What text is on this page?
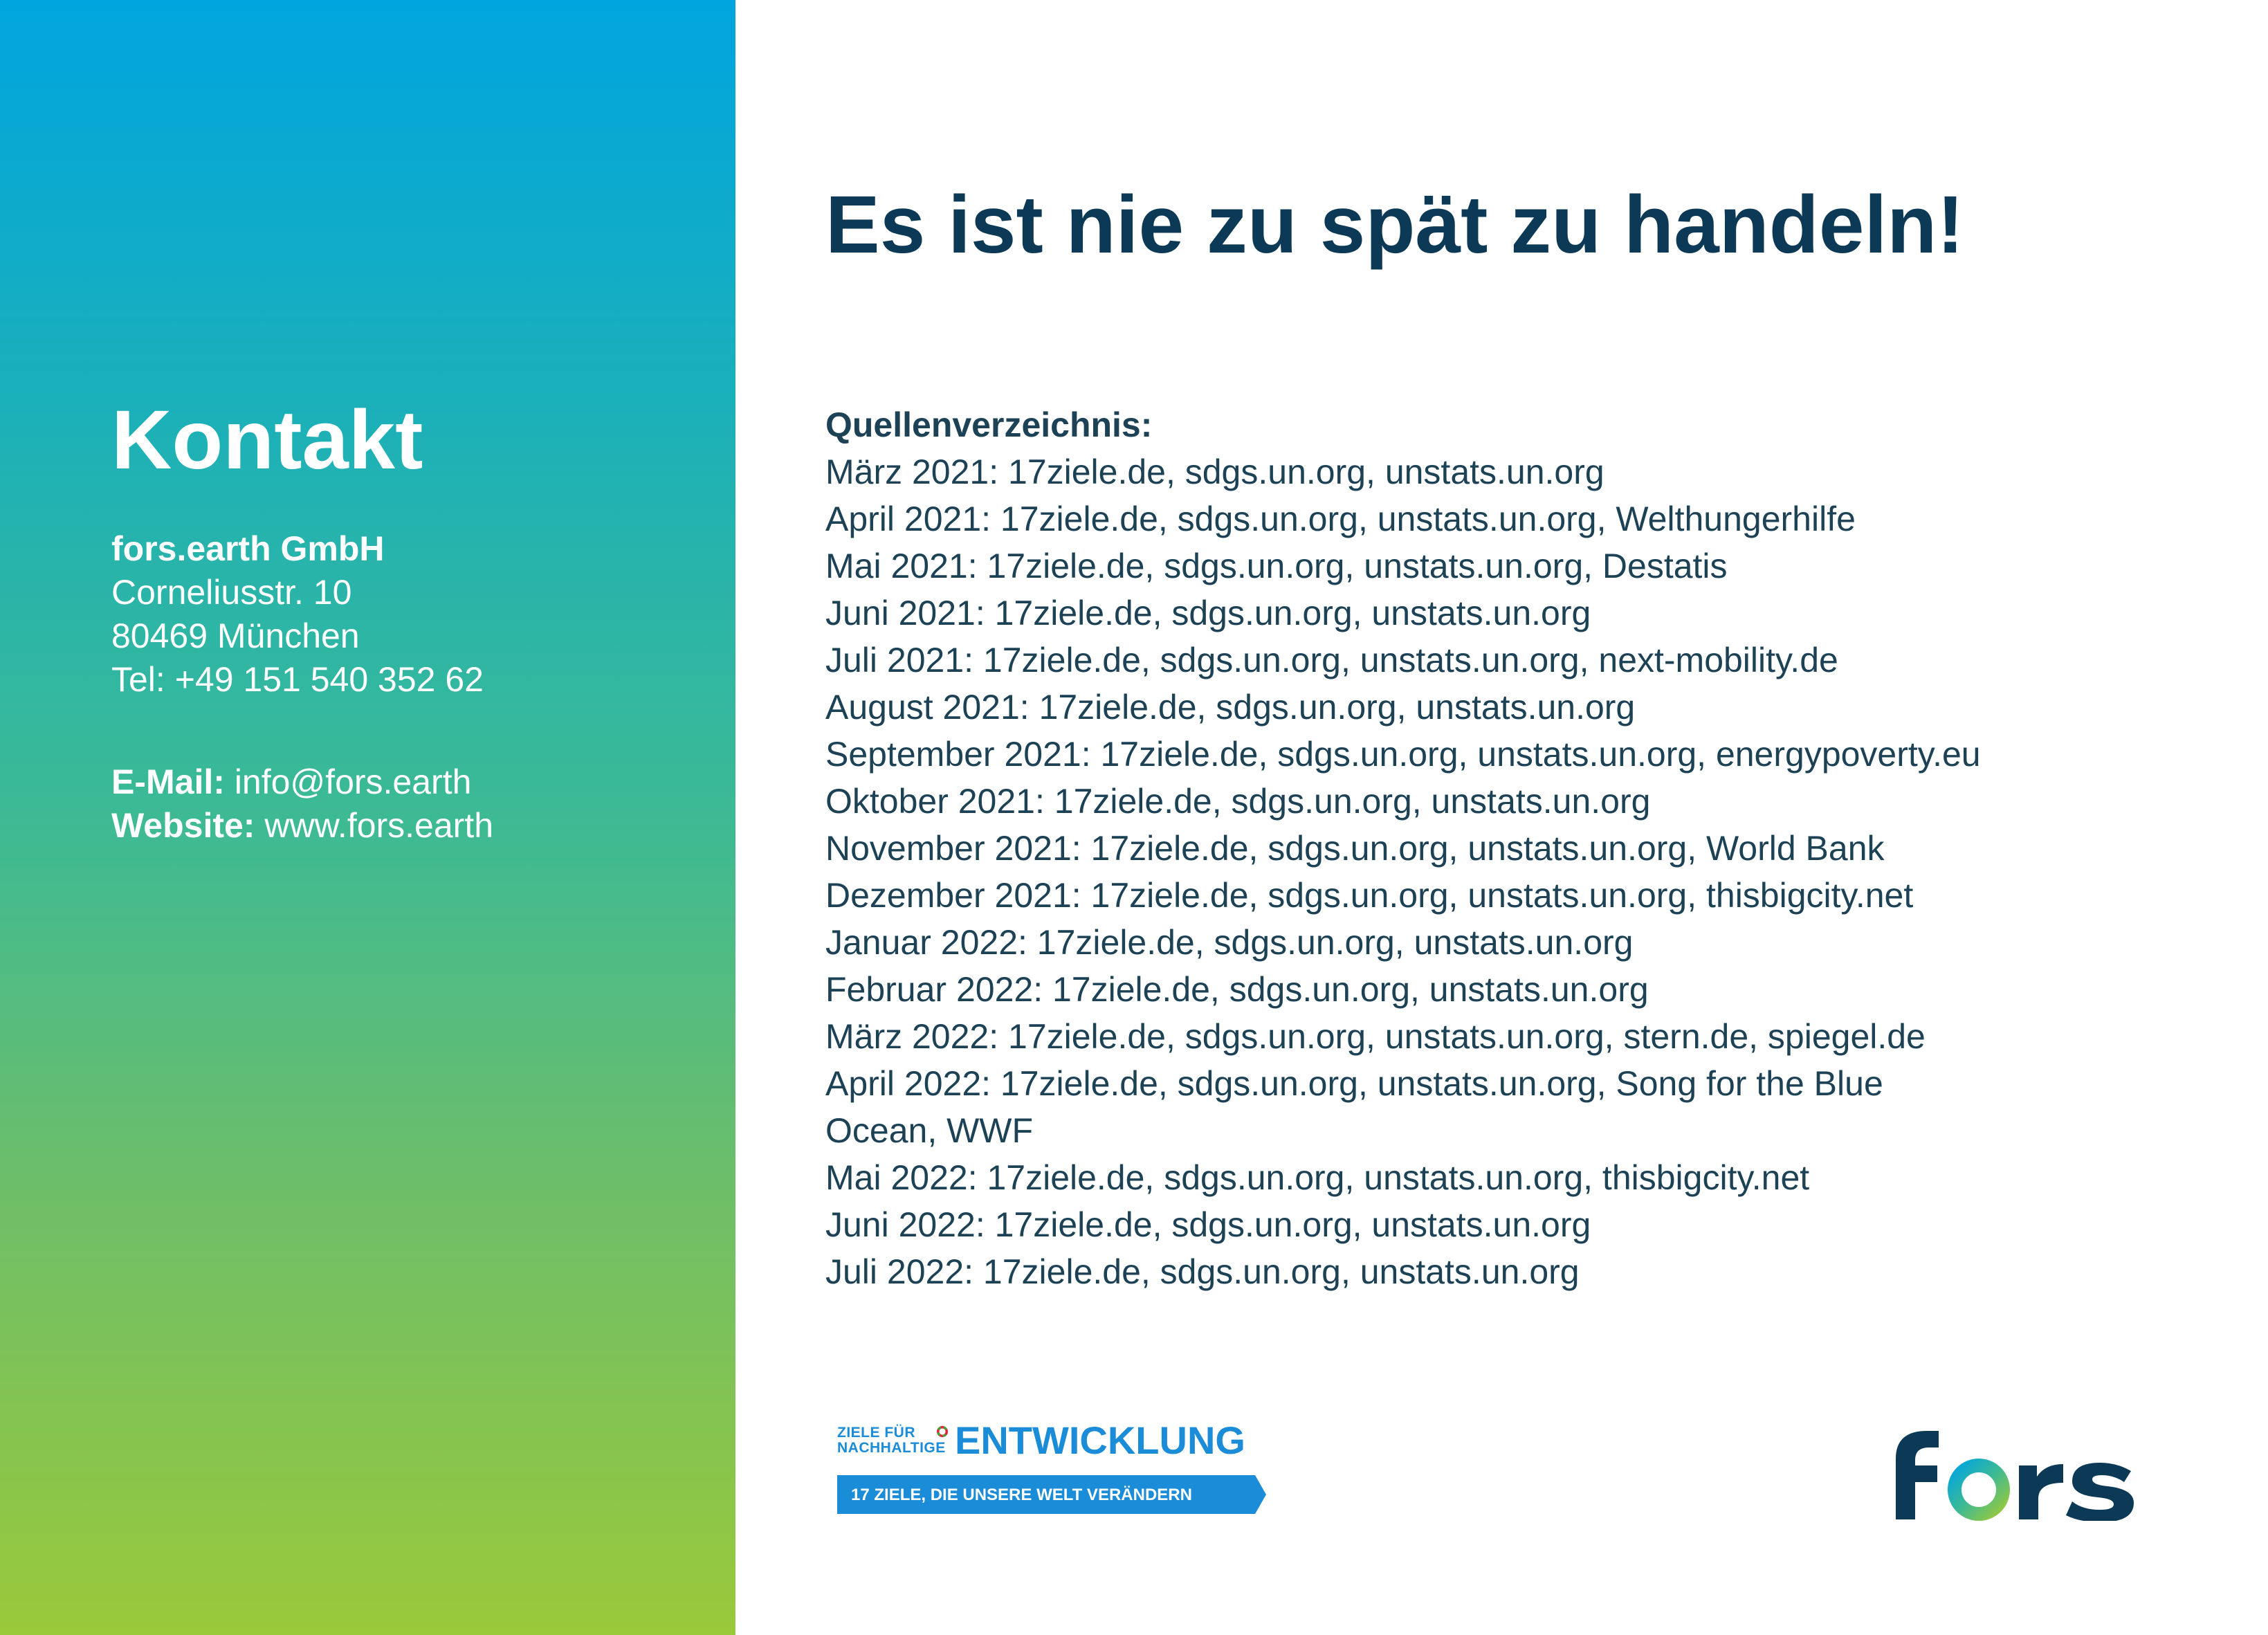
Kontakt
fors.earth GmbH
Corneliusstr. 10
80469 München
Tel: +49 151 540 352 62
E-Mail: info@fors.earth
Website: www.fors.earth
Es ist nie zu spät zu handeln!
Quellenverzeichnis:
März 2021: 17ziele.de, sdgs.un.org, unstats.un.org
April 2021: 17ziele.de, sdgs.un.org, unstats.un.org, Welthungerhilfe
Mai 2021: 17ziele.de, sdgs.un.org, unstats.un.org, Destatis
Juni 2021: 17ziele.de, sdgs.un.org, unstats.un.org
Juli 2021: 17ziele.de, sdgs.un.org, unstats.un.org, next-mobility.de
August 2021: 17ziele.de, sdgs.un.org, unstats.un.org
September 2021: 17ziele.de, sdgs.un.org, unstats.un.org, energypoverty.eu
Oktober 2021: 17ziele.de, sdgs.un.org, unstats.un.org
November 2021: 17ziele.de, sdgs.un.org, unstats.un.org, World Bank
Dezember 2021: 17ziele.de, sdgs.un.org, unstats.un.org, thisbigcity.net
Januar 2022: 17ziele.de, sdgs.un.org, unstats.un.org
Februar 2022: 17ziele.de, sdgs.un.org, unstats.un.org
März 2022: 17ziele.de, sdgs.un.org, unstats.un.org, stern.de, spiegel.de
April 2022: 17ziele.de, sdgs.un.org, unstats.un.org, Song for the Blue Ocean, WWF
Mai 2022: 17ziele.de, sdgs.un.org, unstats.un.org, thisbigcity.net
Juni 2022: 17ziele.de, sdgs.un.org, unstats.un.org
Juli 2022: 17ziele.de, sdgs.un.org, unstats.un.org
ZIELE FÜR
NACHHALTIGE ENTWICKLUNG
17 ZIELE, DIE UNSERE WELT VERÄNDERN
